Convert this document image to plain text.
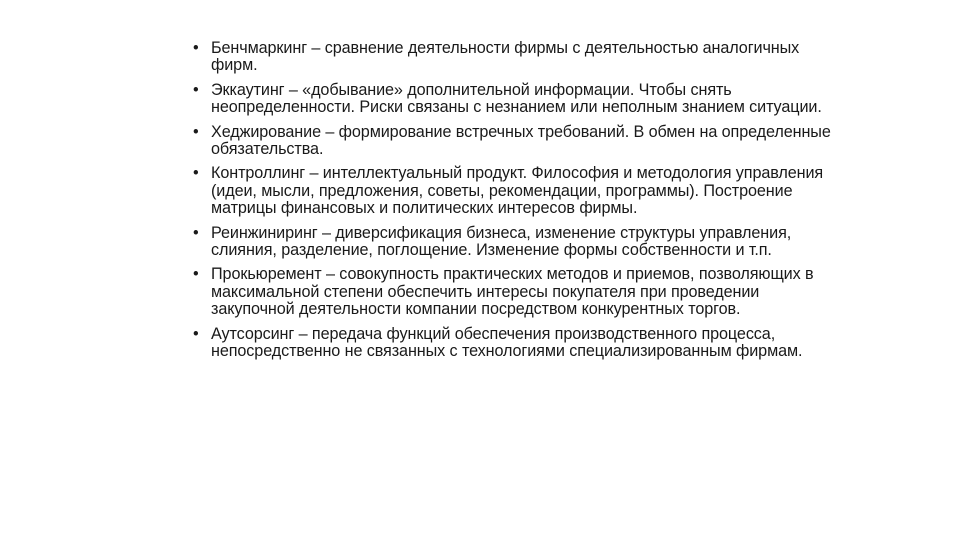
• Бенчмаркинг – сравнение деятельности фирмы с деятельностью аналогичных фирм.
• Эккаутинг – «добывание» дополнительной информации. Чтобы снять неопределенности. Риски связаны с незнанием или неполным знанием ситуации.
• Хеджирование – формирование встречных требований. В обмен на определенные обязательства.
• Контроллинг – интеллектуальный продукт. Философия и методология управления (идеи, мысли, предложения, советы, рекомендации, программы). Построение матрицы финансовых и политических интересов фирмы.
• Реинжиниринг – диверсификация бизнеса, изменение структуры управления, слияния, разделение, поглощение. Изменение формы собственности и т.п.
• Прокьюремент – совокупность практических методов и приемов, позволяющих в максимальной степени обеспечить интересы покупателя при проведении закупочной деятельности компании посредством конкурентных торгов.
• Аутсорсинг – передача функций обеспечения производственного процесса, непосредственно не связанных с технологиями специализированным фирмам.
